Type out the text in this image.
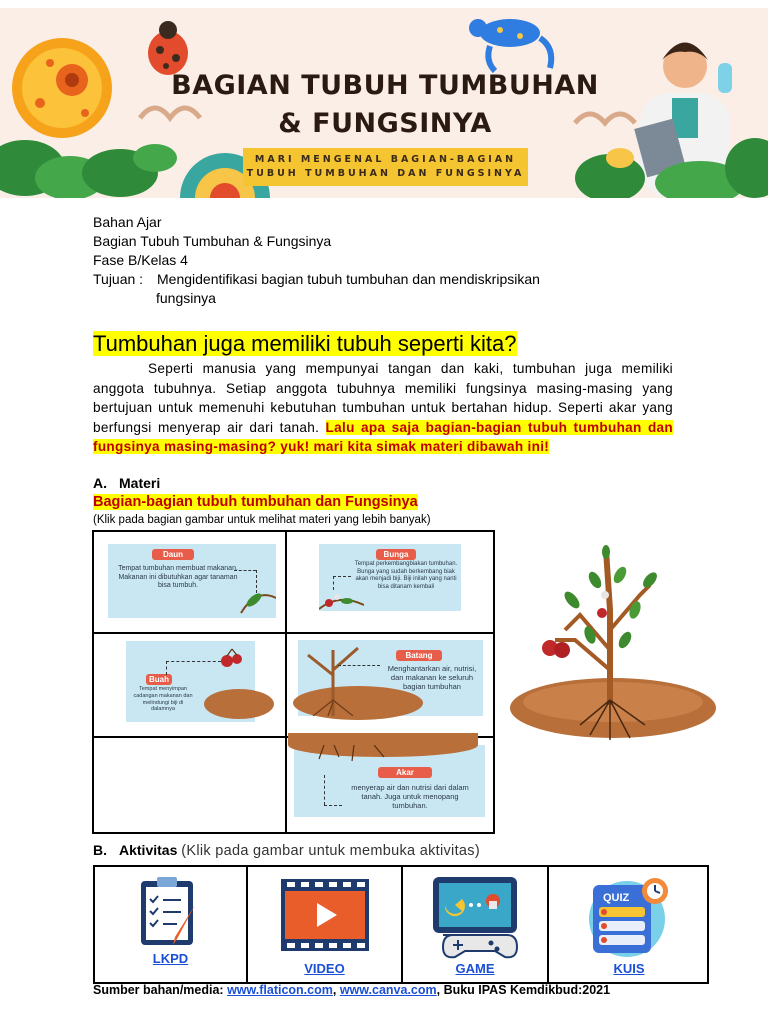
BAGIAN TUBUH TUMBUHAN
& FUNGSINYA
MARI MENGENAL BAGIAN-BAGIAN
TUBUH TUMBUHAN DAN FUNGSINYA
Bahan Ajar
Bagian Tubuh Tumbuhan & Fungsinya
Fase B/Kelas 4
Tujuan : Mengidentifikasi bagian tubuh tumbuhan dan mendiskripsikan
fungsinya
Tumbuhan juga memiliki tubuh seperti kita?
Seperti manusia yang mempunyai tangan dan kaki, tumbuhan juga memiliki anggota tubuhnya. Setiap anggota tubuhnya memiliki fungsinya masing-masing yang bertujuan untuk memenuhi kebutuhan tumbuhan untuk bertahan hidup. Seperti akar yang berfungsi menyerap air dari tanah. Lalu apa saja bagian-bagian tubuh tumbuhan dan fungsinya masing-masing? yuk! mari kita simak materi dibawah ini!
A. Materi
Bagian-bagian tubuh tumbuhan dan Fungsinya
(Klik pada bagian gambar untuk melihat materi yang lebih banyak)
Daun
Tempat tumbuhan membuat makanan. Makanan ini dibutuhkan agar tanaman bisa tumbuh.
Bunga
Tempat perkembangbiakan tumbuhan. Bunga yang sudah berkembang biak akan menjadi biji. Biji inilah yang nanti bisa ditanam kembali
Buah
Tempat menyimpan cadangan makanan dan melindungi biji di dalamnya
Batang
Menghantarkan air, nutrisi, dan makanan ke seluruh bagian tumbuhan
Akar
menyerap air dan nutrisi dari dalam tanah. Juga untuk menopang tumbuhan.
B. Aktivitas (Klik pada gambar untuk membuka aktivitas)
LKPD
VIDEO	GAME
QUIZ
KUIS
Sumber bahan/media: www.flaticon.com, www.canva.com, Buku IPAS Kemdikbud:2021
